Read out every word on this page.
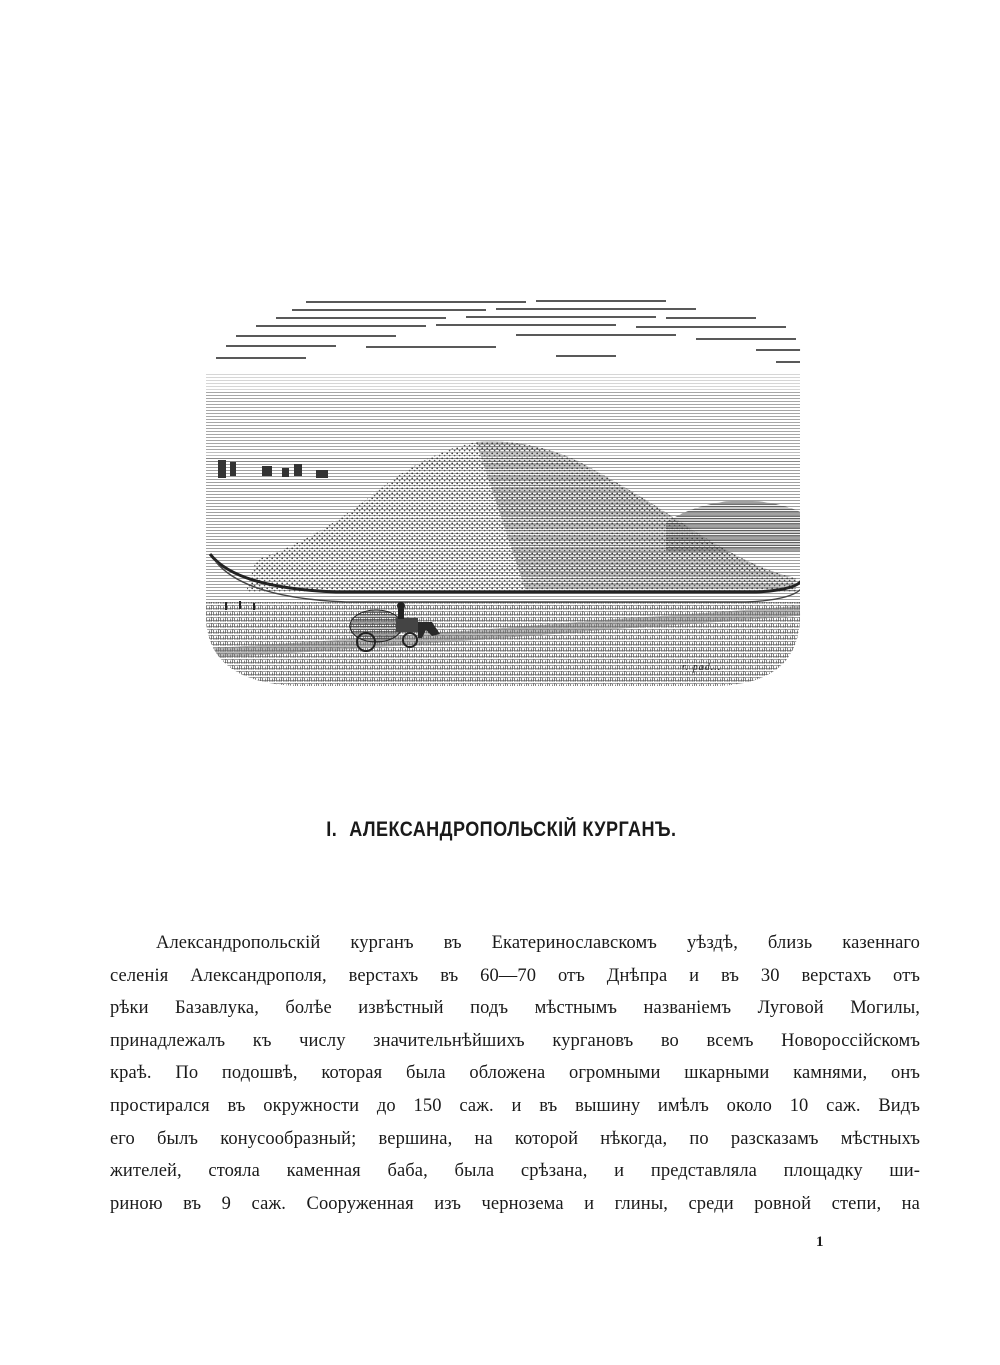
r. pad...
I. АЛЕКСАНДРОПОЛЬСКІЙ КУРГАНЪ.
Александропольскій курганъ въ Екатеринославскомъ уѣздѣ, близь казеннаго
селенія Александрополя, верстахъ въ 60—70 отъ Днѣпра и въ 30 верстахъ отъ
рѣки Базавлука, болѣе извѣстный подъ мѣстнымъ названіемъ Луговой Могилы,
принадлежалъ къ числу значительнѣйшихъ кургановъ во всемъ Новороссійскомъ
краѣ. По подошвѣ, которая была обложена огромными шкарными камнями, онъ
простирался въ окружности до 150 саж. и въ вышину имѣлъ около 10 саж. Видъ
его былъ конусообразный; вершина, на которой нѣкогда, по разсказамъ мѣстныхъ
жителей, стояла каменная баба, была срѣзана, и представляла площадку ши-
риною въ 9 саж. Сооруженная изъ чернозема и глины, среди ровной степи, на
1
